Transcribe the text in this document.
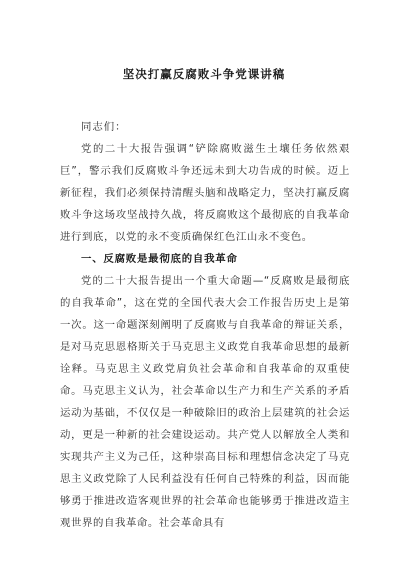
坚决打赢反腐败斗争党课讲稿

同志们：

党的二十大报告强调“铲除腐败滋生土壤任务依然艰巨”，警示我们反腐败斗争还远未到大功告成的时候。迈上新征程，我们必须保持清醒头脑和战略定力，坚决打赢反腐败斗争这场攻坚战持久战，将反腐败这个最彻底的自我革命进行到底，以党的永不变质确保红色江山永不变色。

一、反腐败是最彻底的自我革命

党的二十大报告提出一个重大命题—“反腐败是最彻底的自我革命”，这在党的全国代表大会工作报告历史上是第一次。这一命题深刻阐明了反腐败与自我革命的辩证关系，是对马克思恩格斯关于马克思主义政党自我革命思想的最新诠释。马克思主义政党肩负社会革命和自我革命的双重使命。马克思主义认为，社会革命以生产力和生产关系的矛盾运动为基础，不仅仅是一种破除旧的政治上层建筑的社会运动，更是一种新的社会建设运动。共产党人以解放全人类和实现共产主义为己任，这种崇高目标和理想信念决定了马克思主义政党除了人民利益没有任何自己特殊的利益，因而能够勇于推进改造客观世界的社会革命也能够勇于推进改造主观世界的自我革命。社会革命具有
